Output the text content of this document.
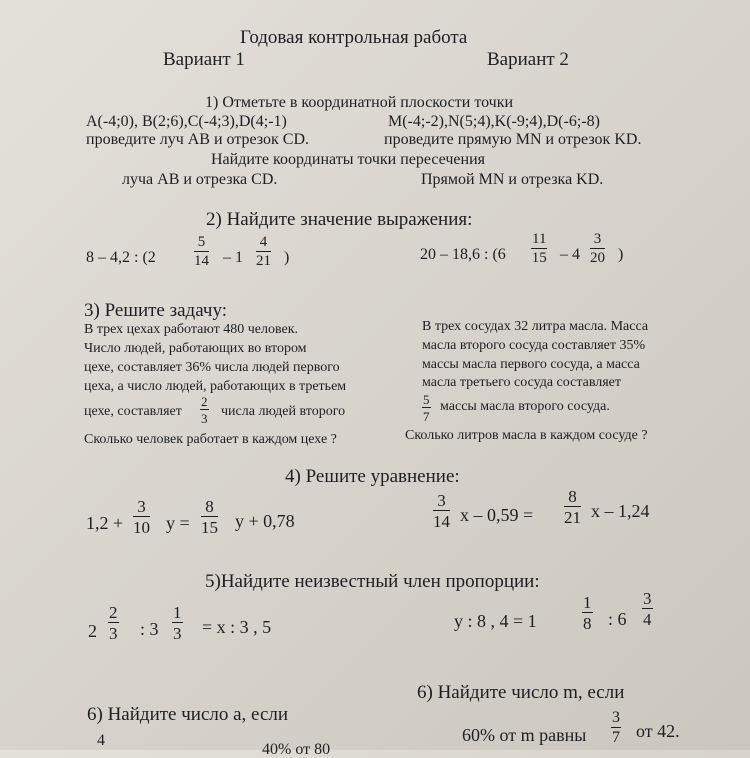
Годовая контрольная работа
Вариант 1	Вариант 2
1) Отметьте в координатной плоскости точки
A(-4;0), B(2;6),C(-4;3),D(4;-1)
проведите луч AB и отрезок CD.
M(-4;-2),N(5;4),K(-9;4),D(-6;-8)
проведите прямую MN и отрезок KD.
Найдите координаты точки пересечения
луча AB и отрезка CD.	Прямой MN и отрезка KD.
2) Найдите значение выражения:
8 – 4,2 : (2
5
14 – 1
4
21 )	20 – 18,6 : (6
11
15 – 4
3
20 )
3) Решите задачу:
В трех цехах работают 480 человек.
Число людей, работающих во втором
цехе, составляет 36% числа людей первого
цеха, а число людей, работающих в третьем
цехе, составляет
2
3 числа людей второго
Сколько человек работает в каждом цехе ?
В трех сосудах 32 литра масла. Масса
масла второго сосуда составляет 35%
массы масла первого сосуда, а масса
масла третьего сосуда составляет
5
7
массы масла второго сосуда.
Сколько литров масла в каждом сосуде ?
4) Решите уравнение:
1,2 +
3
10 y =
8
15 y + 0,78
3
14 x – 0,59 =
8
21 x – 1,24
5)Найдите неизвестный член пропорции:
2
2
3 : 3
1
3 = x : 3 , 5	y : 8 , 4 = 1
1
8 : 6
3
4
6) Найдите число а, если
4
40% от 80
6) Найдите число m, если
60% от m равны
3
7 от 42.
